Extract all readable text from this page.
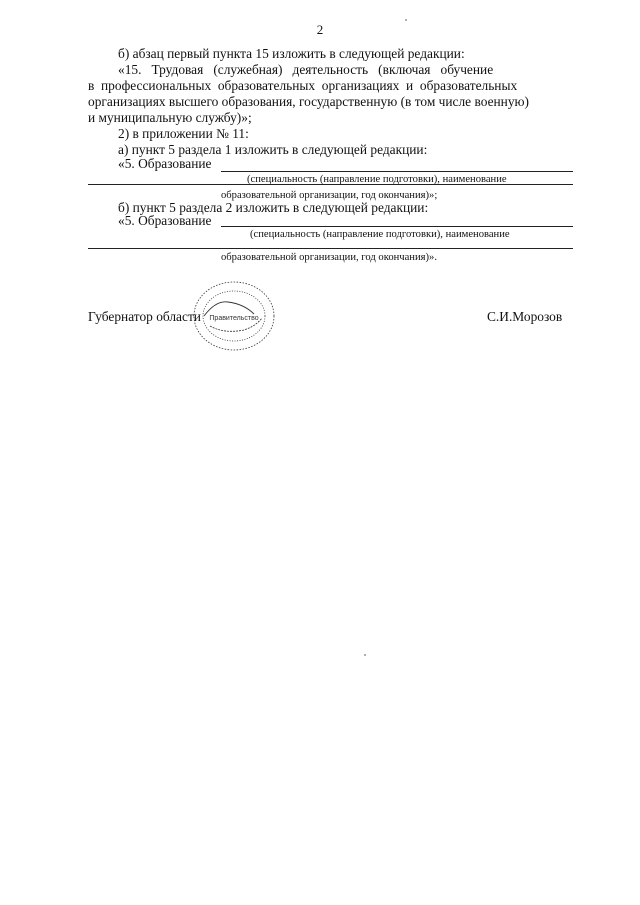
2
б) абзац первый пункта 15 изложить в следующей редакции:
«15.   Трудовая   (служебная)   деятельность   (включая   обучение
в  профессиональных  образовательных  организациях  и  образовательных
организациях высшего образования, государственную (в том числе военную)
и муниципальную службу)»;
2) в приложении № 11:
а) пункт 5 раздела 1 изложить в следующей редакции:
«5. Образование
(специальность (направление подготовки), наименование
образовательной организации, год окончания)»;
б) пункт 5 раздела 2 изложить в следующей редакции:
«5. Образование
(специальность (направление подготовки), наименование
образовательной организации, год окончания)».
Губернатор области	С.И.Морозов
Правительство
